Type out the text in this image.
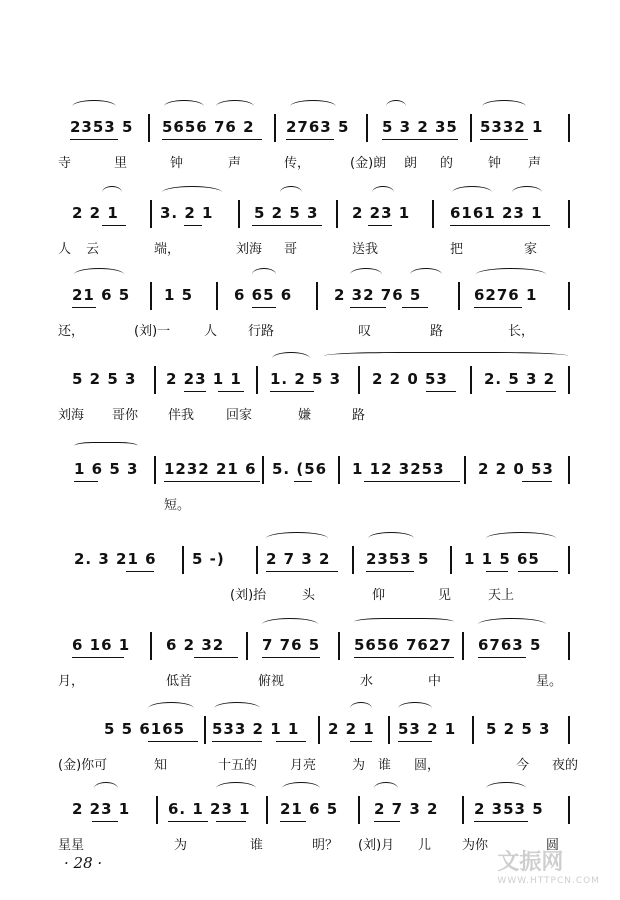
2353 5 5656 76 2 2763 5 5 3 2 35 5332 1
寺	里	钟	声	传，	(金)朗 朗 的	钟 声
2 2 1	3. 2 1	5 2 5 3 2 23 1	6161 23 1
人 云	端，	刘海 哥	送我	把	家
21 6 5 1 5	6 65 6	2 32 76 5	6276 1
还，	(刘)一	人 行路	叹	路	长，
5 2 5 3 2 23 1 1 1. 2 5 3 2 2 0 53 2. 5 3 2
刘海 哥你 伴我 回家	嫌	路
1 6 5 3 1232 21 6 5. (56 1 12 3253 2 2 0 53
短。
2. 3 21 6 5 -)	2 7 3 2 2353 5 1 1 5 65
(刘)抬	头	仰	见	天上
6 16 1 6 2 32	7 76 5 5656 7627 6763 5
月，	低首	俯视	水	中	星。
5 5 6165 533 2 1 1 2 2 1 53 2 1 5 2 5 3
(金)你可	知	十五的	月亮	为 谁 圆，	今 夜的
2 23 1	6. 1 23 1 21 6 5 2 7 3 2 2 353 5
星星	为	谁	明？ (刘)月 儿 为你	圆
· 28 ·	文振网
WWW.HTTPCN.COM
